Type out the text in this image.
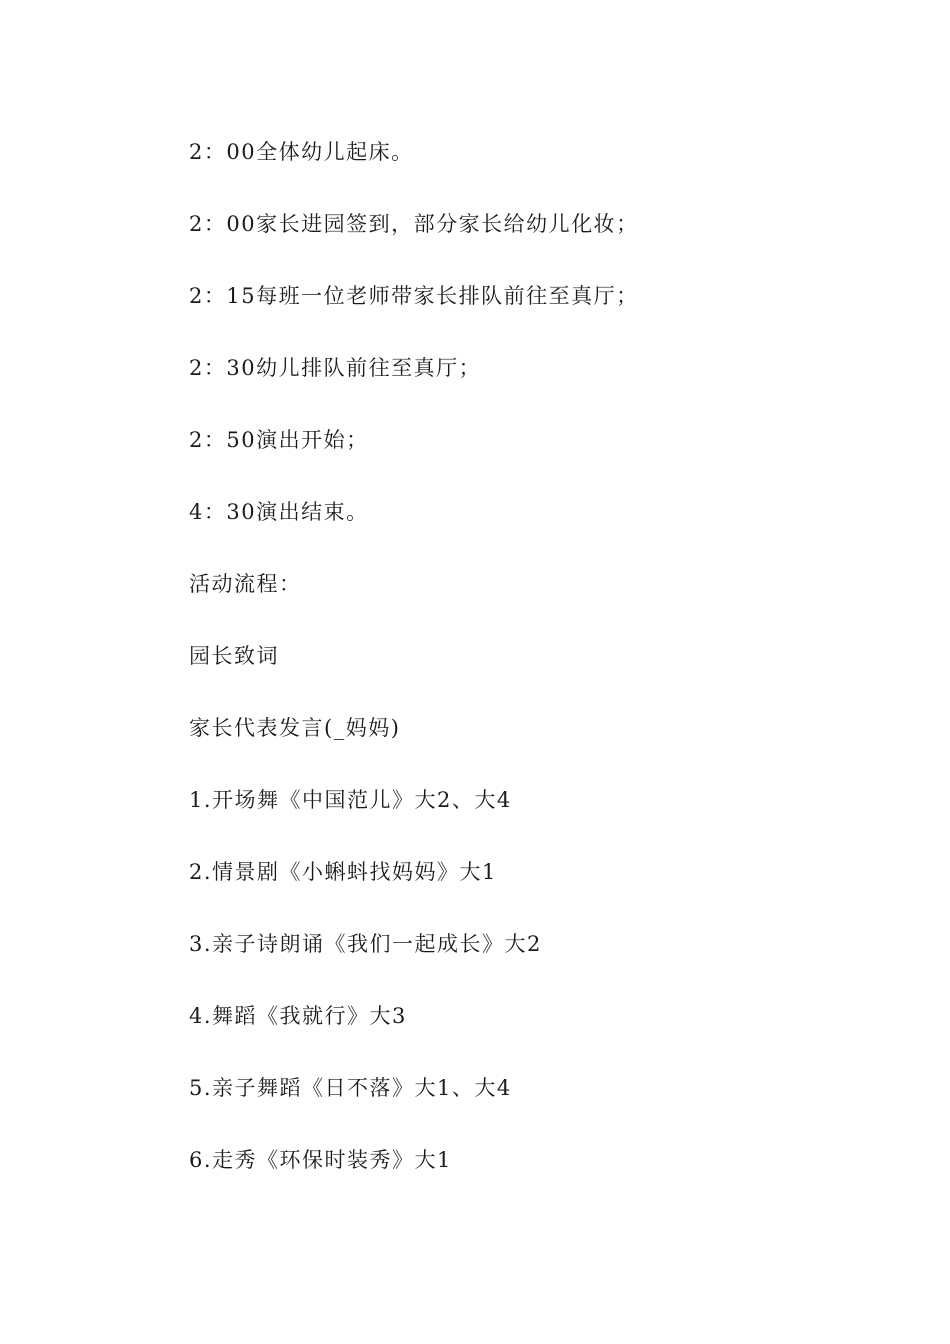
2：00全体幼儿起床。
2：00家长进园签到，部分家长给幼儿化妆；
2：15每班一位老师带家长排队前往至真厅；
2：30幼儿排队前往至真厅；
2：50演出开始；
4：30演出结束。
活动流程：
园长致词
家长代表发言(_妈妈)
1.开场舞《中国范儿》大2、大4
2.情景剧《小蝌蚪找妈妈》大1
3.亲子诗朗诵《我们一起成长》大2
4.舞蹈《我就行》大3
5.亲子舞蹈《日不落》大1、大4
6.走秀《环保时装秀》大1
